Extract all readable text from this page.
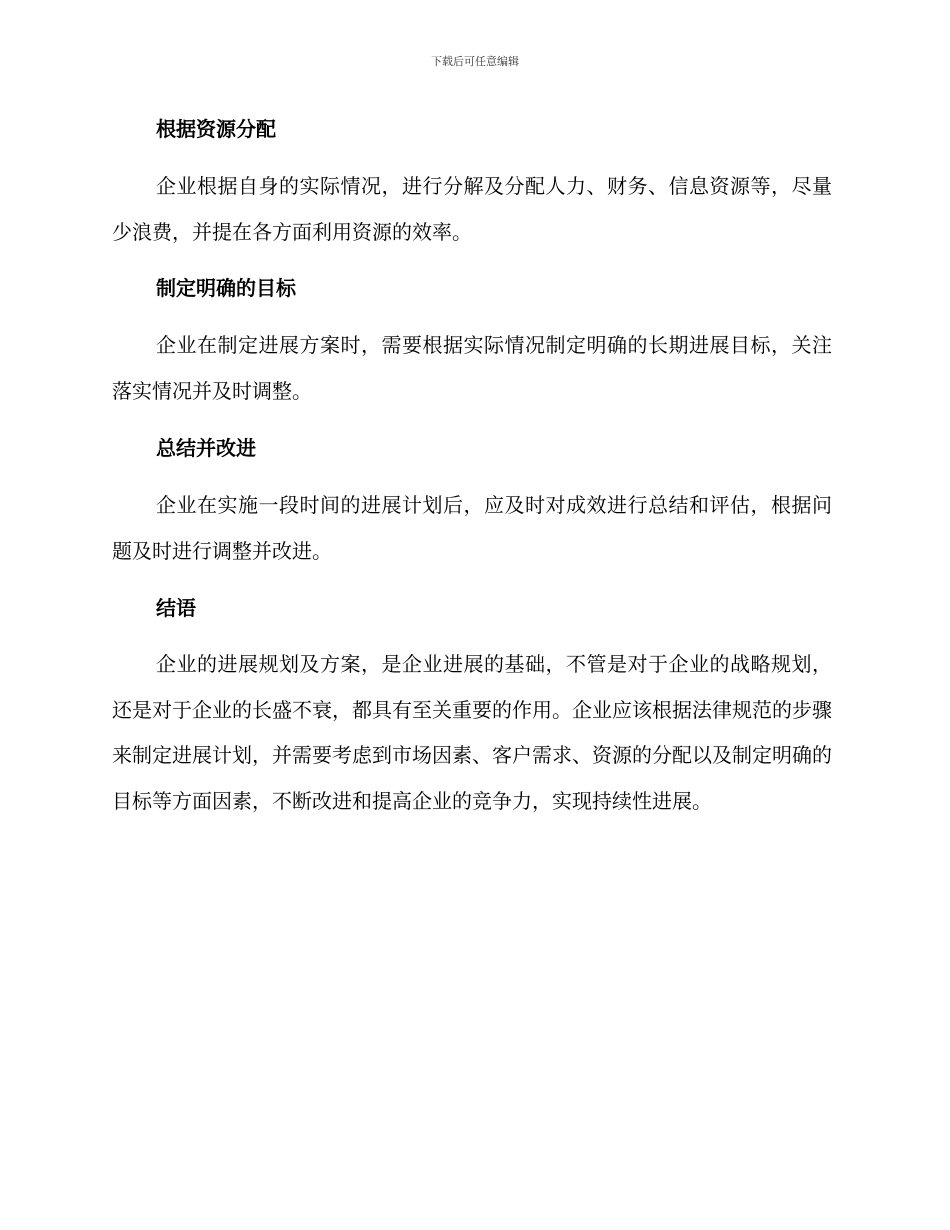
下载后可任意编辑
根据资源分配
企业根据自身的实际情况，进行分解及分配人力、财务、信息资源等，尽量少浪费，并提在各方面利用资源的效率。
制定明确的目标
企业在制定进展方案时，需要根据实际情况制定明确的长期进展目标，关注落实情况并及时调整。
总结并改进
企业在实施一段时间的进展计划后，应及时对成效进行总结和评估，根据问题及时进行调整并改进。
结语
企业的进展规划及方案，是企业进展的基础，不管是对于企业的战略规划，还是对于企业的长盛不衰，都具有至关重要的作用。企业应该根据法律规范的步骤来制定进展计划，并需要考虑到市场因素、客户需求、资源的分配以及制定明确的目标等方面因素，不断改进和提高企业的竞争力，实现持续性进展。
